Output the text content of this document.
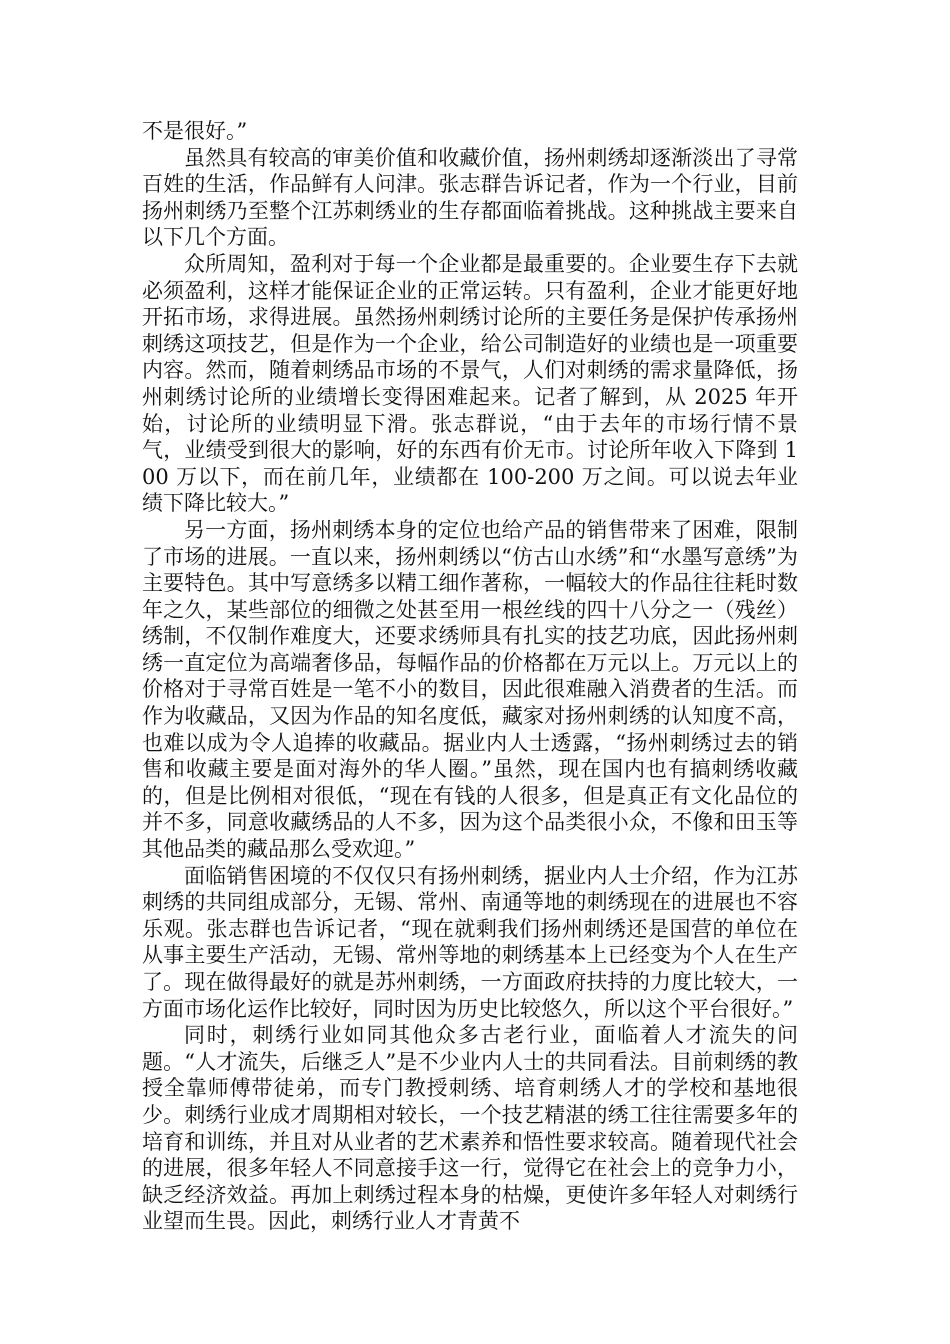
不是很好。”

虽然具有较高的审美价值和收藏价值，扬州刺绣却逐渐淡出了寻常百姓的生活，作品鲜有人问津。张志群告诉记者，作为一个行业，目前扬州刺绣乃至整个江苏刺绣业的生存都面临着挑战。这种挑战主要来自以下几个方面。

众所周知，盈利对于每一个企业都是最重要的。企业要生存下去就必须盈利，这样才能保证企业的正常运转。只有盈利，企业才能更好地开拓市场，求得进展。虽然扬州刺绣讨论所的主要任务是保护传承扬州刺绣这项技艺，但是作为一个企业，给公司制造好的业绩也是一项重要内容。然而，随着刺绣品市场的不景气，人们对刺绣的需求量降低，扬州刺绣讨论所的业绩增长变得困难起来。记者了解到，从 2025 年开始，讨论所的业绩明显下滑。张志群说，“由于去年的市场行情不景气，业绩受到很大的影响，好的东西有价无市。讨论所年收入下降到 100 万以下，而在前几年，业绩都在 100-200 万之间。可以说去年业绩下降比较大。”

另一方面，扬州刺绣本身的定位也给产品的销售带来了困难，限制了市场的进展。一直以来，扬州刺绣以“仿古山水绣”和“水墨写意绣”为主要特色。其中写意绣多以精工细作著称，一幅较大的作品往往耗时数年之久，某些部位的细微之处甚至用一根丝线的四十八分之一（残丝）绣制，不仅制作难度大，还要求绣师具有扎实的技艺功底，因此扬州刺绣一直定位为高端奢侈品，每幅作品的价格都在万元以上。万元以上的价格对于寻常百姓是一笔不小的数目，因此很难融入消费者的生活。而作为收藏品，又因为作品的知名度低，藏家对扬州刺绣的认知度不高，也难以成为令人追捧的收藏品。据业内人士透露，“扬州刺绣过去的销售和收藏主要是面对海外的华人圈。”虽然，现在国内也有搞刺绣收藏的，但是比例相对很低，“现在有钱的人很多，但是真正有文化品位的并不多，同意收藏绣品的人不多，因为这个品类很小众，不像和田玉等其他品类的藏品那么受欢迎。”

面临销售困境的不仅仅只有扬州刺绣，据业内人士介绍，作为江苏刺绣的共同组成部分，无锡、常州、南通等地的刺绣现在的进展也不容乐观。张志群也告诉记者，“现在就剩我们扬州刺绣还是国营的单位在从事主要生产活动，无锡、常州等地的刺绣基本上已经变为个人在生产了。现在做得最好的就是苏州刺绣，一方面政府扶持的力度比较大，一方面市场化运作比较好，同时因为历史比较悠久，所以这个平台很好。”

同时，刺绣行业如同其他众多古老行业，面临着人才流失的问题。“人才流失，后继乏人”是不少业内人士的共同看法。目前刺绣的教授全靠师傅带徒弟，而专门教授刺绣、培育刺绣人才的学校和基地很少。刺绣行业成才周期相对较长，一个技艺精湛的绣工往往需要多年的培育和训练，并且对从业者的艺术素养和悟性要求较高。随着现代社会的进展，很多年轻人不同意接手这一行，觉得它在社会上的竞争力小，缺乏经济效益。再加上刺绣过程本身的枯燥，更使许多年轻人对刺绣行业望而生畏。因此，刺绣行业人才青黄不
